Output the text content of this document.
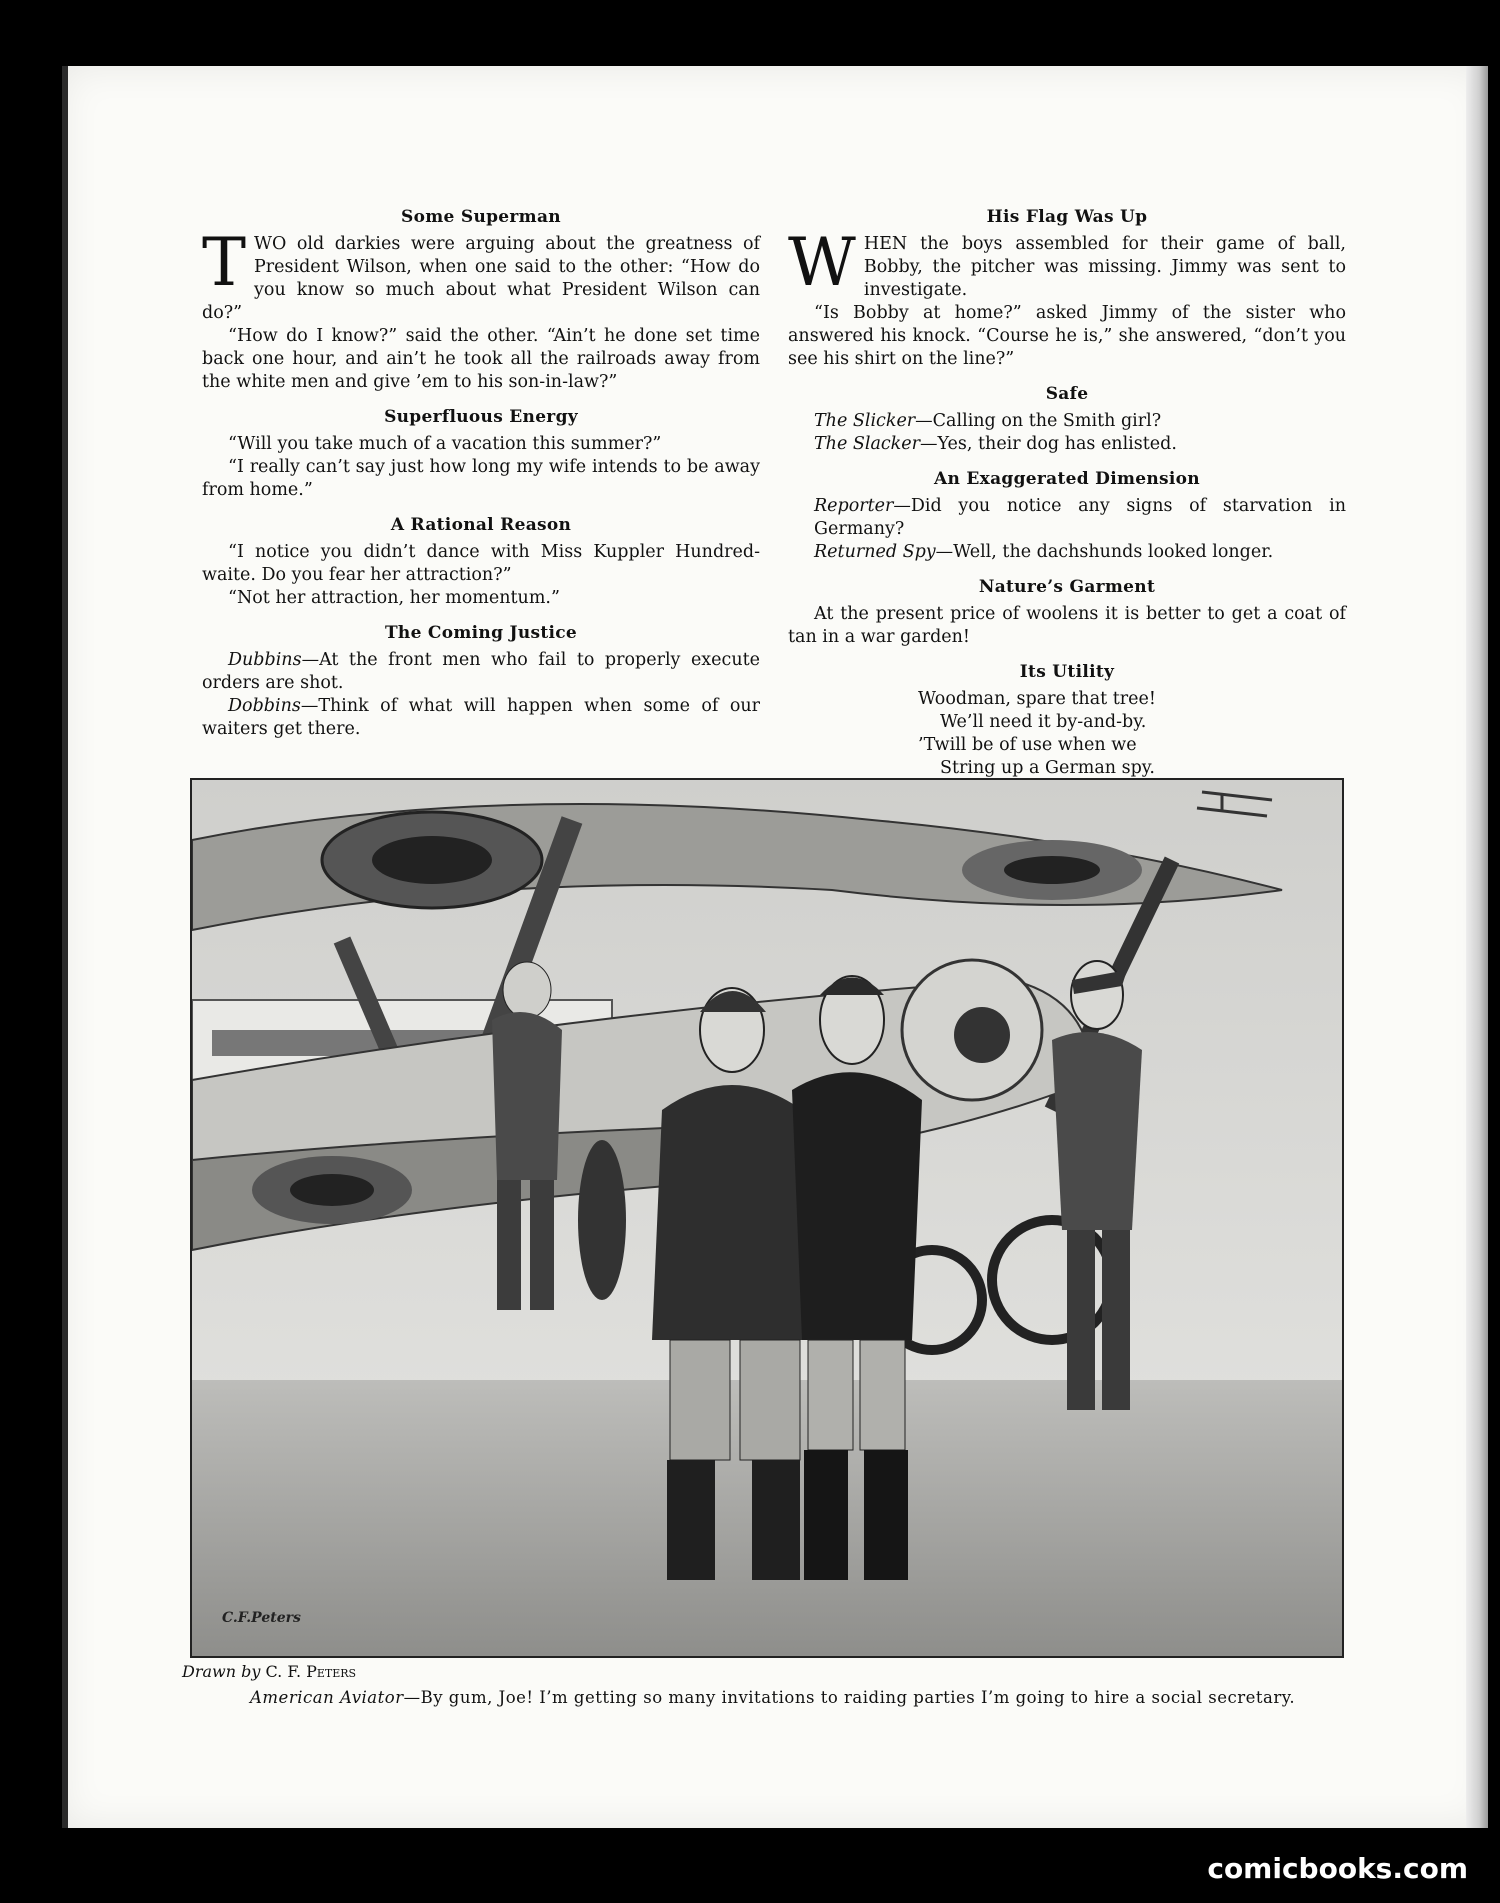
Some Superman

TWO old darkies were arguing about the greatness of President Wilson, when one said to the other: “How do you know so much about what President Wilson can do?”

“How do I know?” said the other. “Ain’t he done set time back one hour, and ain’t he took all the railroads away from the white men and give ’em to his son-in-law?”

Superfluous Energy

“Will you take much of a vacation this summer?”

“I really can’t say just how long my wife intends to be away from home.”

A Rational Reason

“I notice you didn’t dance with Miss Kuppler Hundred-waite. Do you fear her attraction?”

“Not her attraction, her momentum.”

The Coming Justice

Dubbins—At the front men who fail to properly execute orders are shot.

Dobbins—Think of what will happen when some of our waiters get there.

His Flag Was Up

WHEN the boys assembled for their game of ball, Bobby, the pitcher was missing. Jimmy was sent to investigate.

“Is Bobby at home?” asked Jimmy of the sister who answered his knock. “Course he is,” she answered, “don’t you see his shirt on the line?”

Safe

The Slicker—Calling on the Smith girl?

The Slacker—Yes, their dog has enlisted.

An Exaggerated Dimension

Reporter—Did you notice any signs of starvation in Germany?

Returned Spy—Well, the dachshunds looked longer.

Nature’s Garment

At the present price of woolens it is better to get a coat of tan in a war garden!

Its Utility
Woodman, spare that tree!
We’ll need it by-and-by.
’Twill be of use when we
String up a German spy.
C.F.Peters
Drawn by C. F. Peters
American Aviator—By gum, Joe! I’m getting so many invitations to raiding parties I’m going to hire a social secretary.
comicbooks.com
